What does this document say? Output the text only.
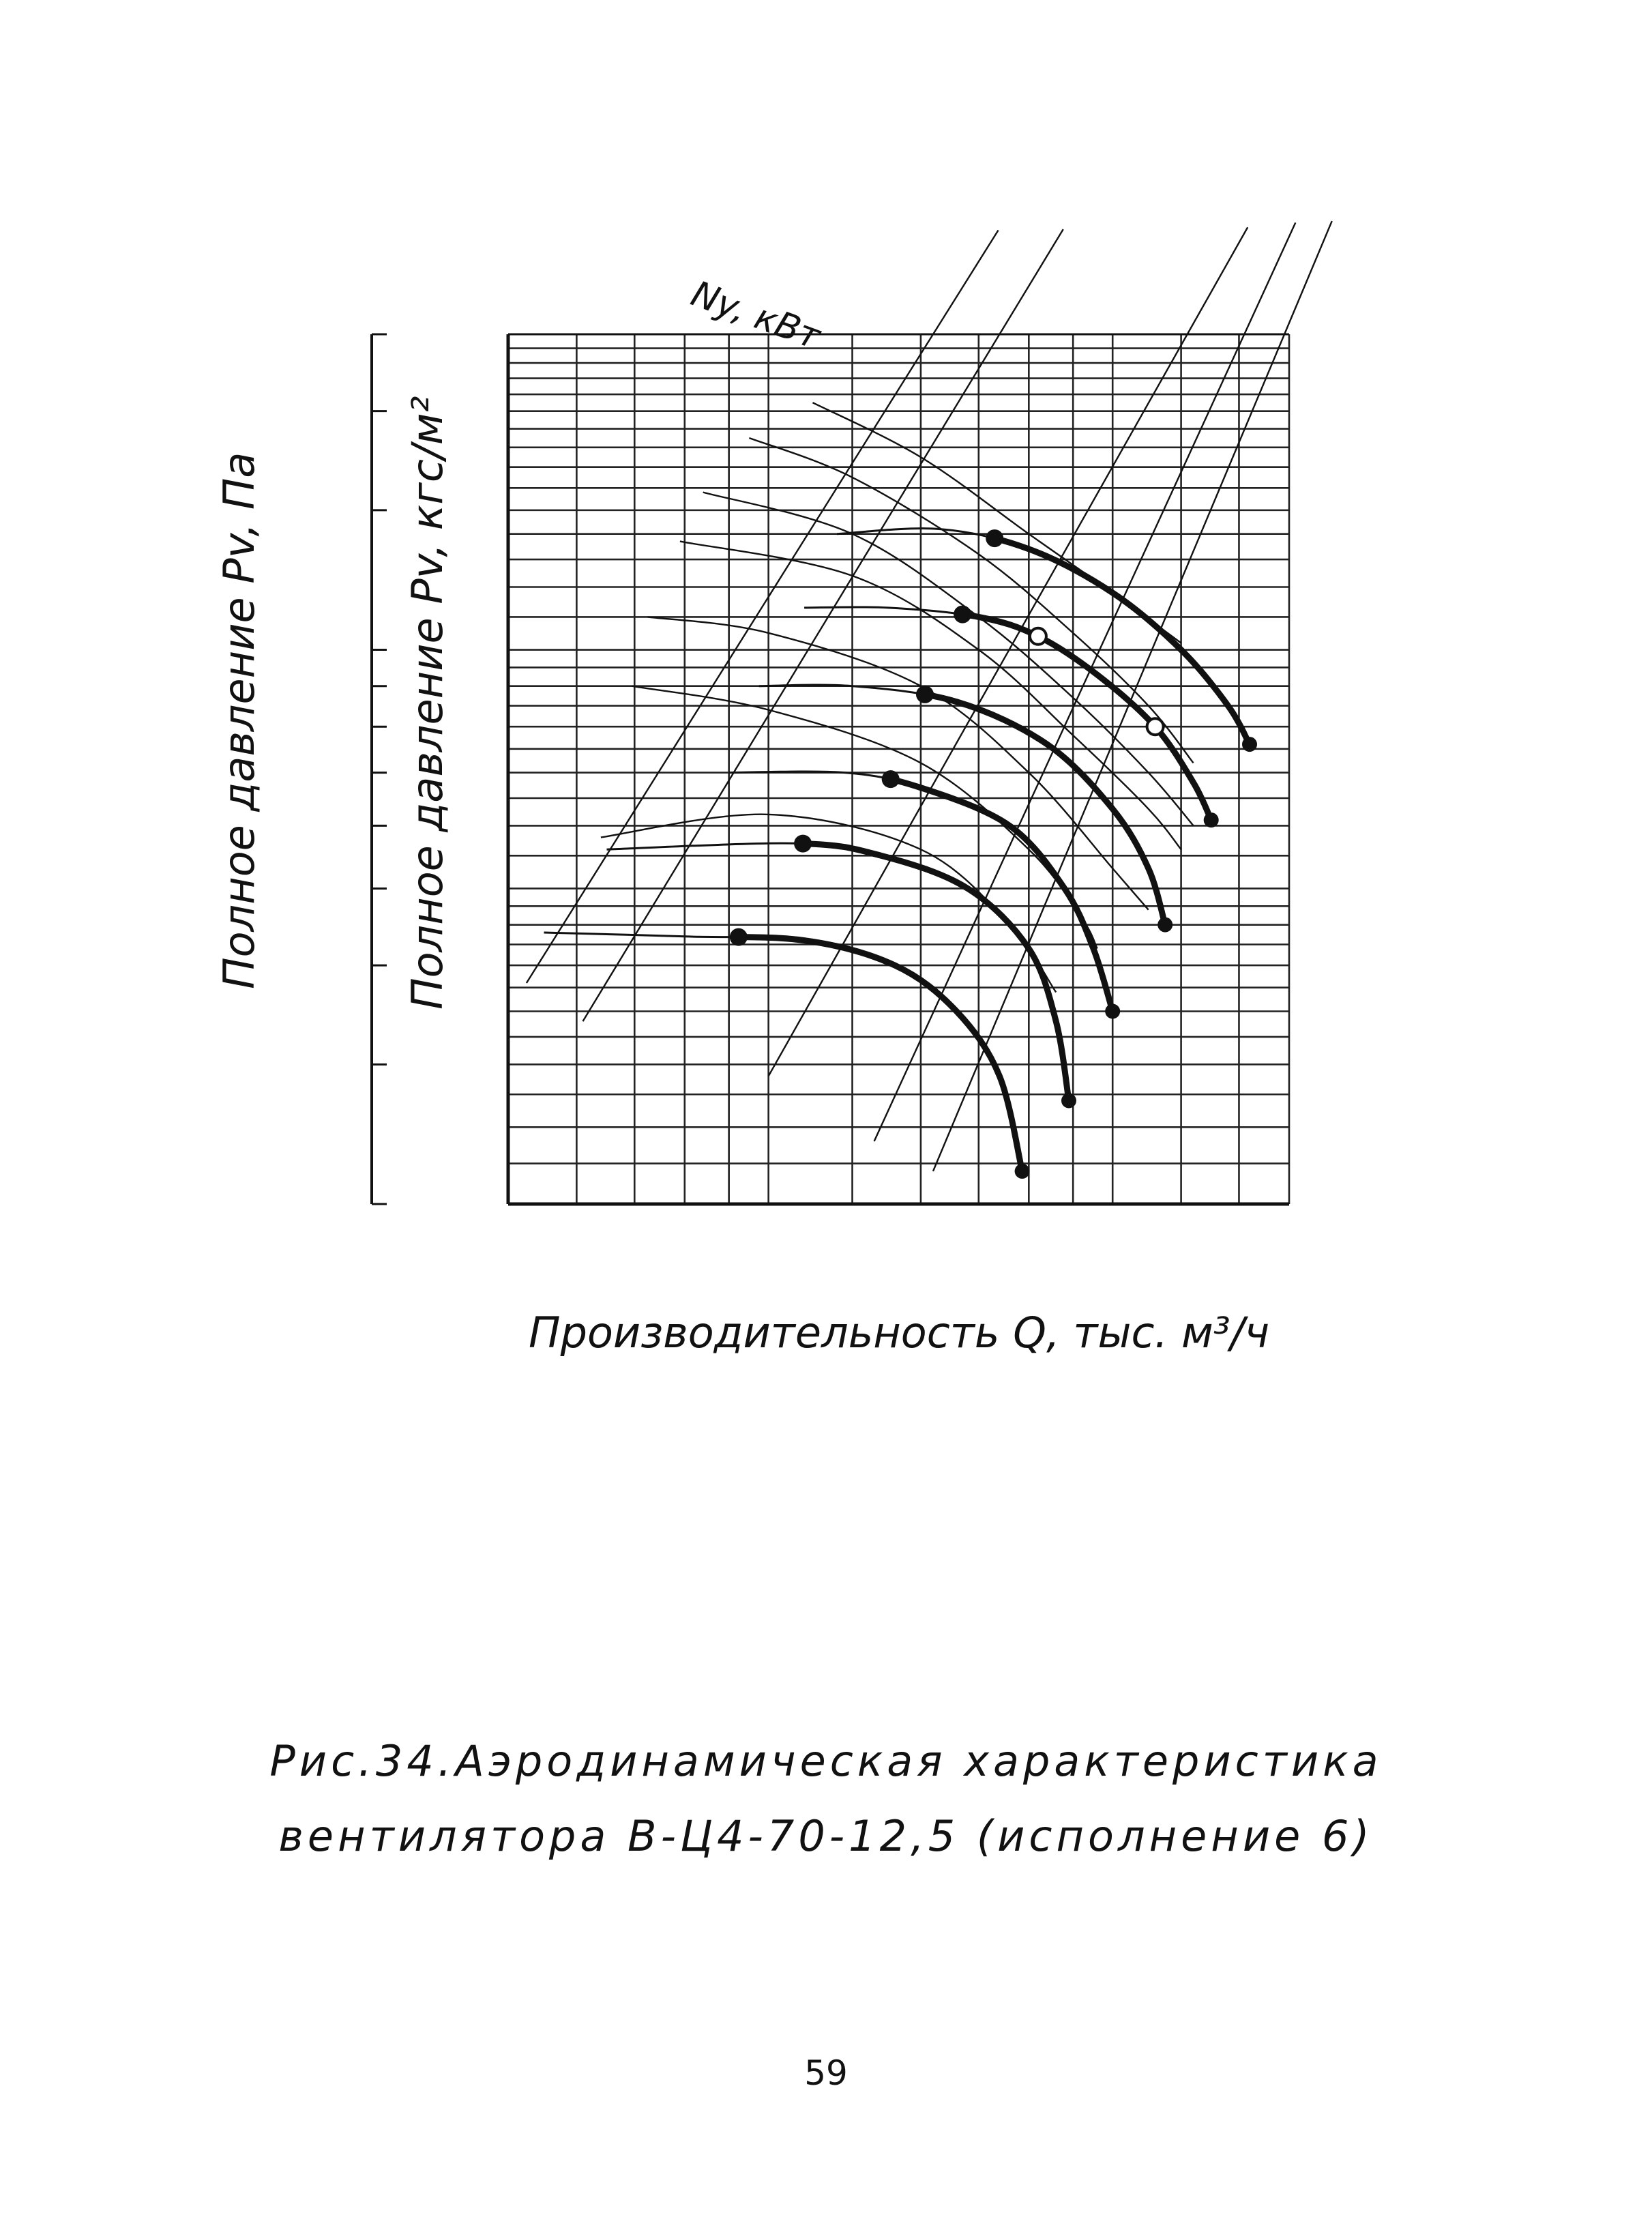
Ny, кВт
Полное давление Pv, Па	Полное давление Pv, кгс/м²
Производительность Q, тыс. м³/ч
Рис.34.Аэродинамическая характеристика
вентилятора В-Ц4-70-12,5 (исполнение 6)
59
